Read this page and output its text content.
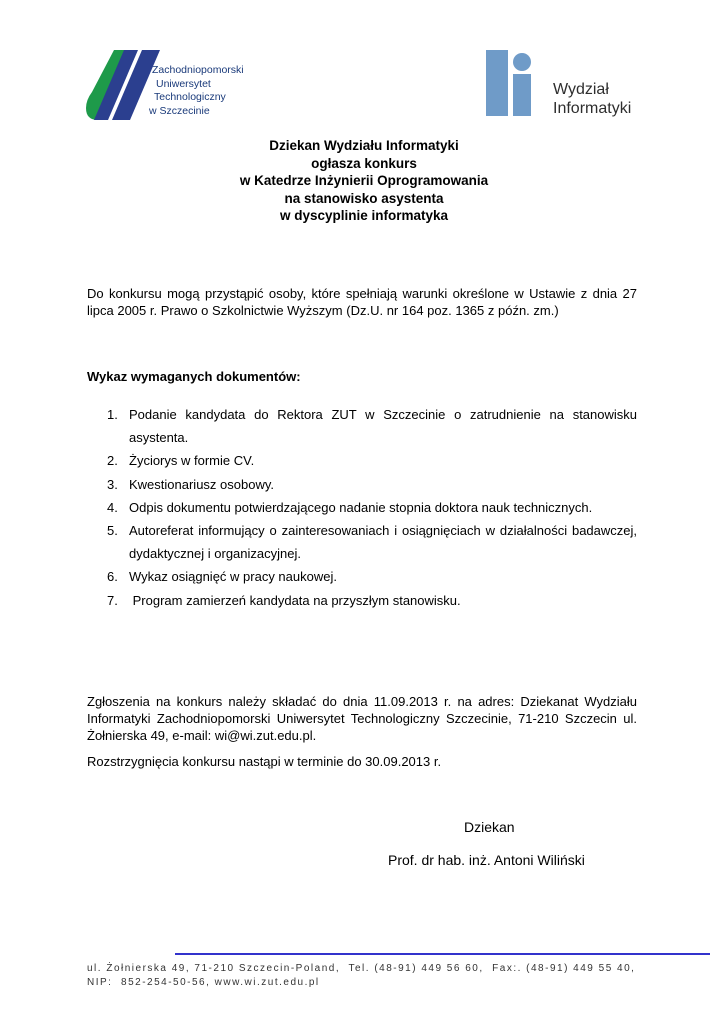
Zachodniopomorski
Uniwersytet
Technologiczny
w Szczecinie
Wydział
Informatyki
Dziekan Wydziału Informatyki
ogłasza konkurs
w Katedrze Inżynierii Oprogramowania
na stanowisko asystenta
w dyscyplinie informatyka
Do konkursu mogą przystąpić osoby, które spełniają warunki określone w Ustawie z dnia 27 lipca 2005 r. Prawo o Szkolnictwie Wyższym (Dz.U. nr 164 poz. 1365 z późn. zm.)
Wykaz wymaganych dokumentów:
1. Podanie kandydata do Rektora ZUT w Szczecinie o zatrudnienie na stanowisku asystenta.
2. Życiorys w formie CV.
3. Kwestionariusz osobowy.
4. Odpis dokumentu potwierdzającego nadanie stopnia doktora nauk technicznych.
5. Autoreferat informujący o zainteresowaniach i osiągnięciach w działalności badawczej, dydaktycznej i organizacyjnej.
6. Wykaz osiągnięć w pracy naukowej.
7. Program zamierzeń kandydata na przyszłym stanowisku.
Zgłoszenia na konkurs należy składać do dnia 11.09.2013 r. na adres: Dziekanat Wydziału Informatyki Zachodniopomorski Uniwersytet Technologiczny Szczecinie, 71-210 Szczecin ul. Żołnierska 49, e-mail: wi@wi.zut.edu.pl.
Rozstrzygnięcia konkursu nastąpi w terminie do 30.09.2013 r.
Dziekan
Prof. dr hab. inż. Antoni Wiliński
ul. Żołnierska 49, 71-210 Szczecin-Poland,  Tel. (48-91) 449 56 60,  Fax:. (48-91) 449 55 40,
NIP:  852-254-50-56, www.wi.zut.edu.pl
